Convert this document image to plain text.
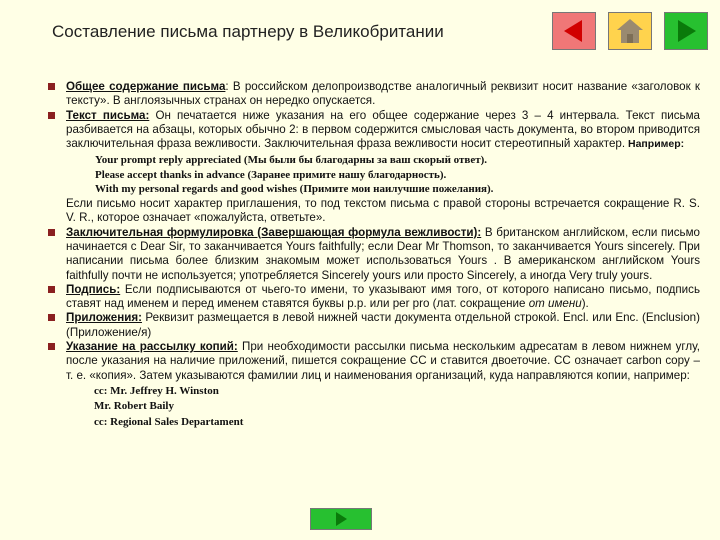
Составление письма партнеру в Великобритании
Общее содержание письма: В российском делопроизводстве аналогичный реквизит носит название «заголовок к тексту». В англоязычных странах он нередко опускается.
Текст письма: Он печатается ниже указания на его общее содержание через 3 – 4 интервала. Текст письма разбивается на абзацы, которых обычно 2: в первом содержится смысловая часть документа, во втором приводится заключительная фраза вежливости. Заключительная фраза вежливости носит стереотипный характер. Например:
Your prompt reply appreciated (Мы были бы благодарны за ваш скорый ответ).
Please accept thanks in advance (Заранее примите нашу благодарность).
With my personal regards and good wishes (Примите мои наилучшие пожелания).
Если письмо носит характер приглашения, то под текстом письма с правой стороны встречается сокращение R. S. V. R., которое означает «пожалуйста, ответьте».
Заключительная формулировка (Завершающая формула вежливости): В британском английском, если письмо начинается с Dear Sir, то заканчивается Yours faithfully; если Dear Mr Thomson, то заканчивается Yours sincerely. При написании письма более близким знакомым может использоваться Yours . В американском английском Yours faithfully почти не используется; употребляется Sincerely yours или просто Sincerely, а иногда Very truly yours.
Подпись: Если подписываются от чьего-то имени, то указывают имя того, от которого написано письмо, подпись ставят над именем и перед именем ставятся буквы p.p. или per pro (лат. сокращение от имени).
Приложения: Реквизит размещается в левой нижней части документа отдельной строкой. Encl. или Enc. (Enclusion) (Приложение/я)
Указание на рассылку копий: При необходимости рассылки письма нескольким адресатам в левом нижнем углу, после указания на наличие приложений, пишется сокращение СС и ставится двоеточие. СС означает carbon copy – т. е. «копия». Затем указываются фамилии лиц и наименования организаций, куда направляются копии, например:
cc: Mr. Jeffrey H. Winston
Mr. Robert Baily
cc: Regional Sales Departament
